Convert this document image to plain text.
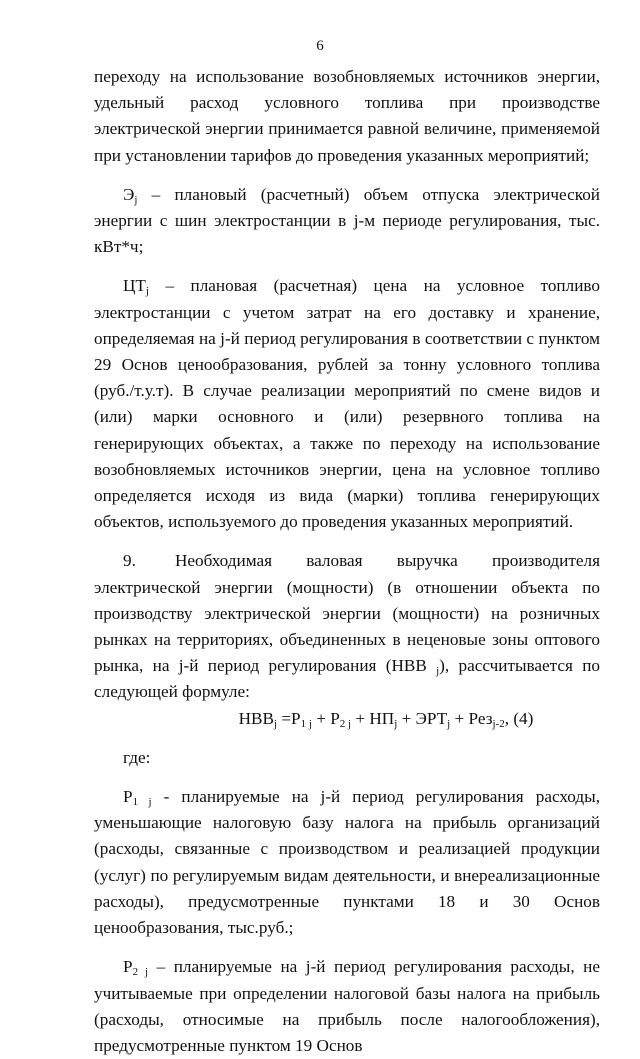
6

переходу на использование возобновляемых источников энергии, удельный расход условного топлива при производстве электрической энергии принимается равной величине, применяемой при установлении тарифов до проведения указанных мероприятий;

$Э_j$ – плановый (расчетный) объем отпуска электрической энергии с шин электростанции в j-м периоде регулирования, тыс. кВт*ч;

$ЦТ_j$ – плановая (расчетная) цена на условное топливо электростанции с учетом затрат на его доставку и хранение, определяемая на j-й период регулирования в соответствии с пунктом 29 Основ ценообразования, рублей за тонну условного топлива (руб./т.у.т). В случае реализации мероприятий по смене видов и (или) марки основного и (или) резервного топлива на генерирующих объектах, а также по переходу на использование возобновляемых источников энергии, цена на условное топливо определяется исходя из вида (марки) топлива генерирующих объектов, используемого до проведения указанных мероприятий.

9. Необходимая валовая выручка производителя электрической энергии (мощности) (в отношении объекта по производству электрической энергии (мощности) на розничных рынках на территориях, объединенных в неценовые зоны оптового рынка, на j-й период регулирования (НВВ $_j$), рассчитывается по следующей формуле:

$НВВ_j =Р_{1 j} + Р_{2 j} + НП_j + ЭРТ_j + Рез_{j-2}$, (4)

где:

$Р_{1 j}$ - планируемые на j-й период регулирования расходы, уменьшающие налоговую базу налога на прибыль организаций (расходы, связанные с производством и реализацией продукции (услуг) по регулируемым видам деятельности, и внереализационные расходы), предусмотренные пунктами 18 и 30 Основ ценообразования, тыс.руб.;

$Р_{2 j}$ – планируемые на j-й период регулирования расходы, не учитываемые при определении налоговой базы налога на прибыль (расходы, относимые на прибыль после налогообложения), предусмотренные пунктом 19 Основ
